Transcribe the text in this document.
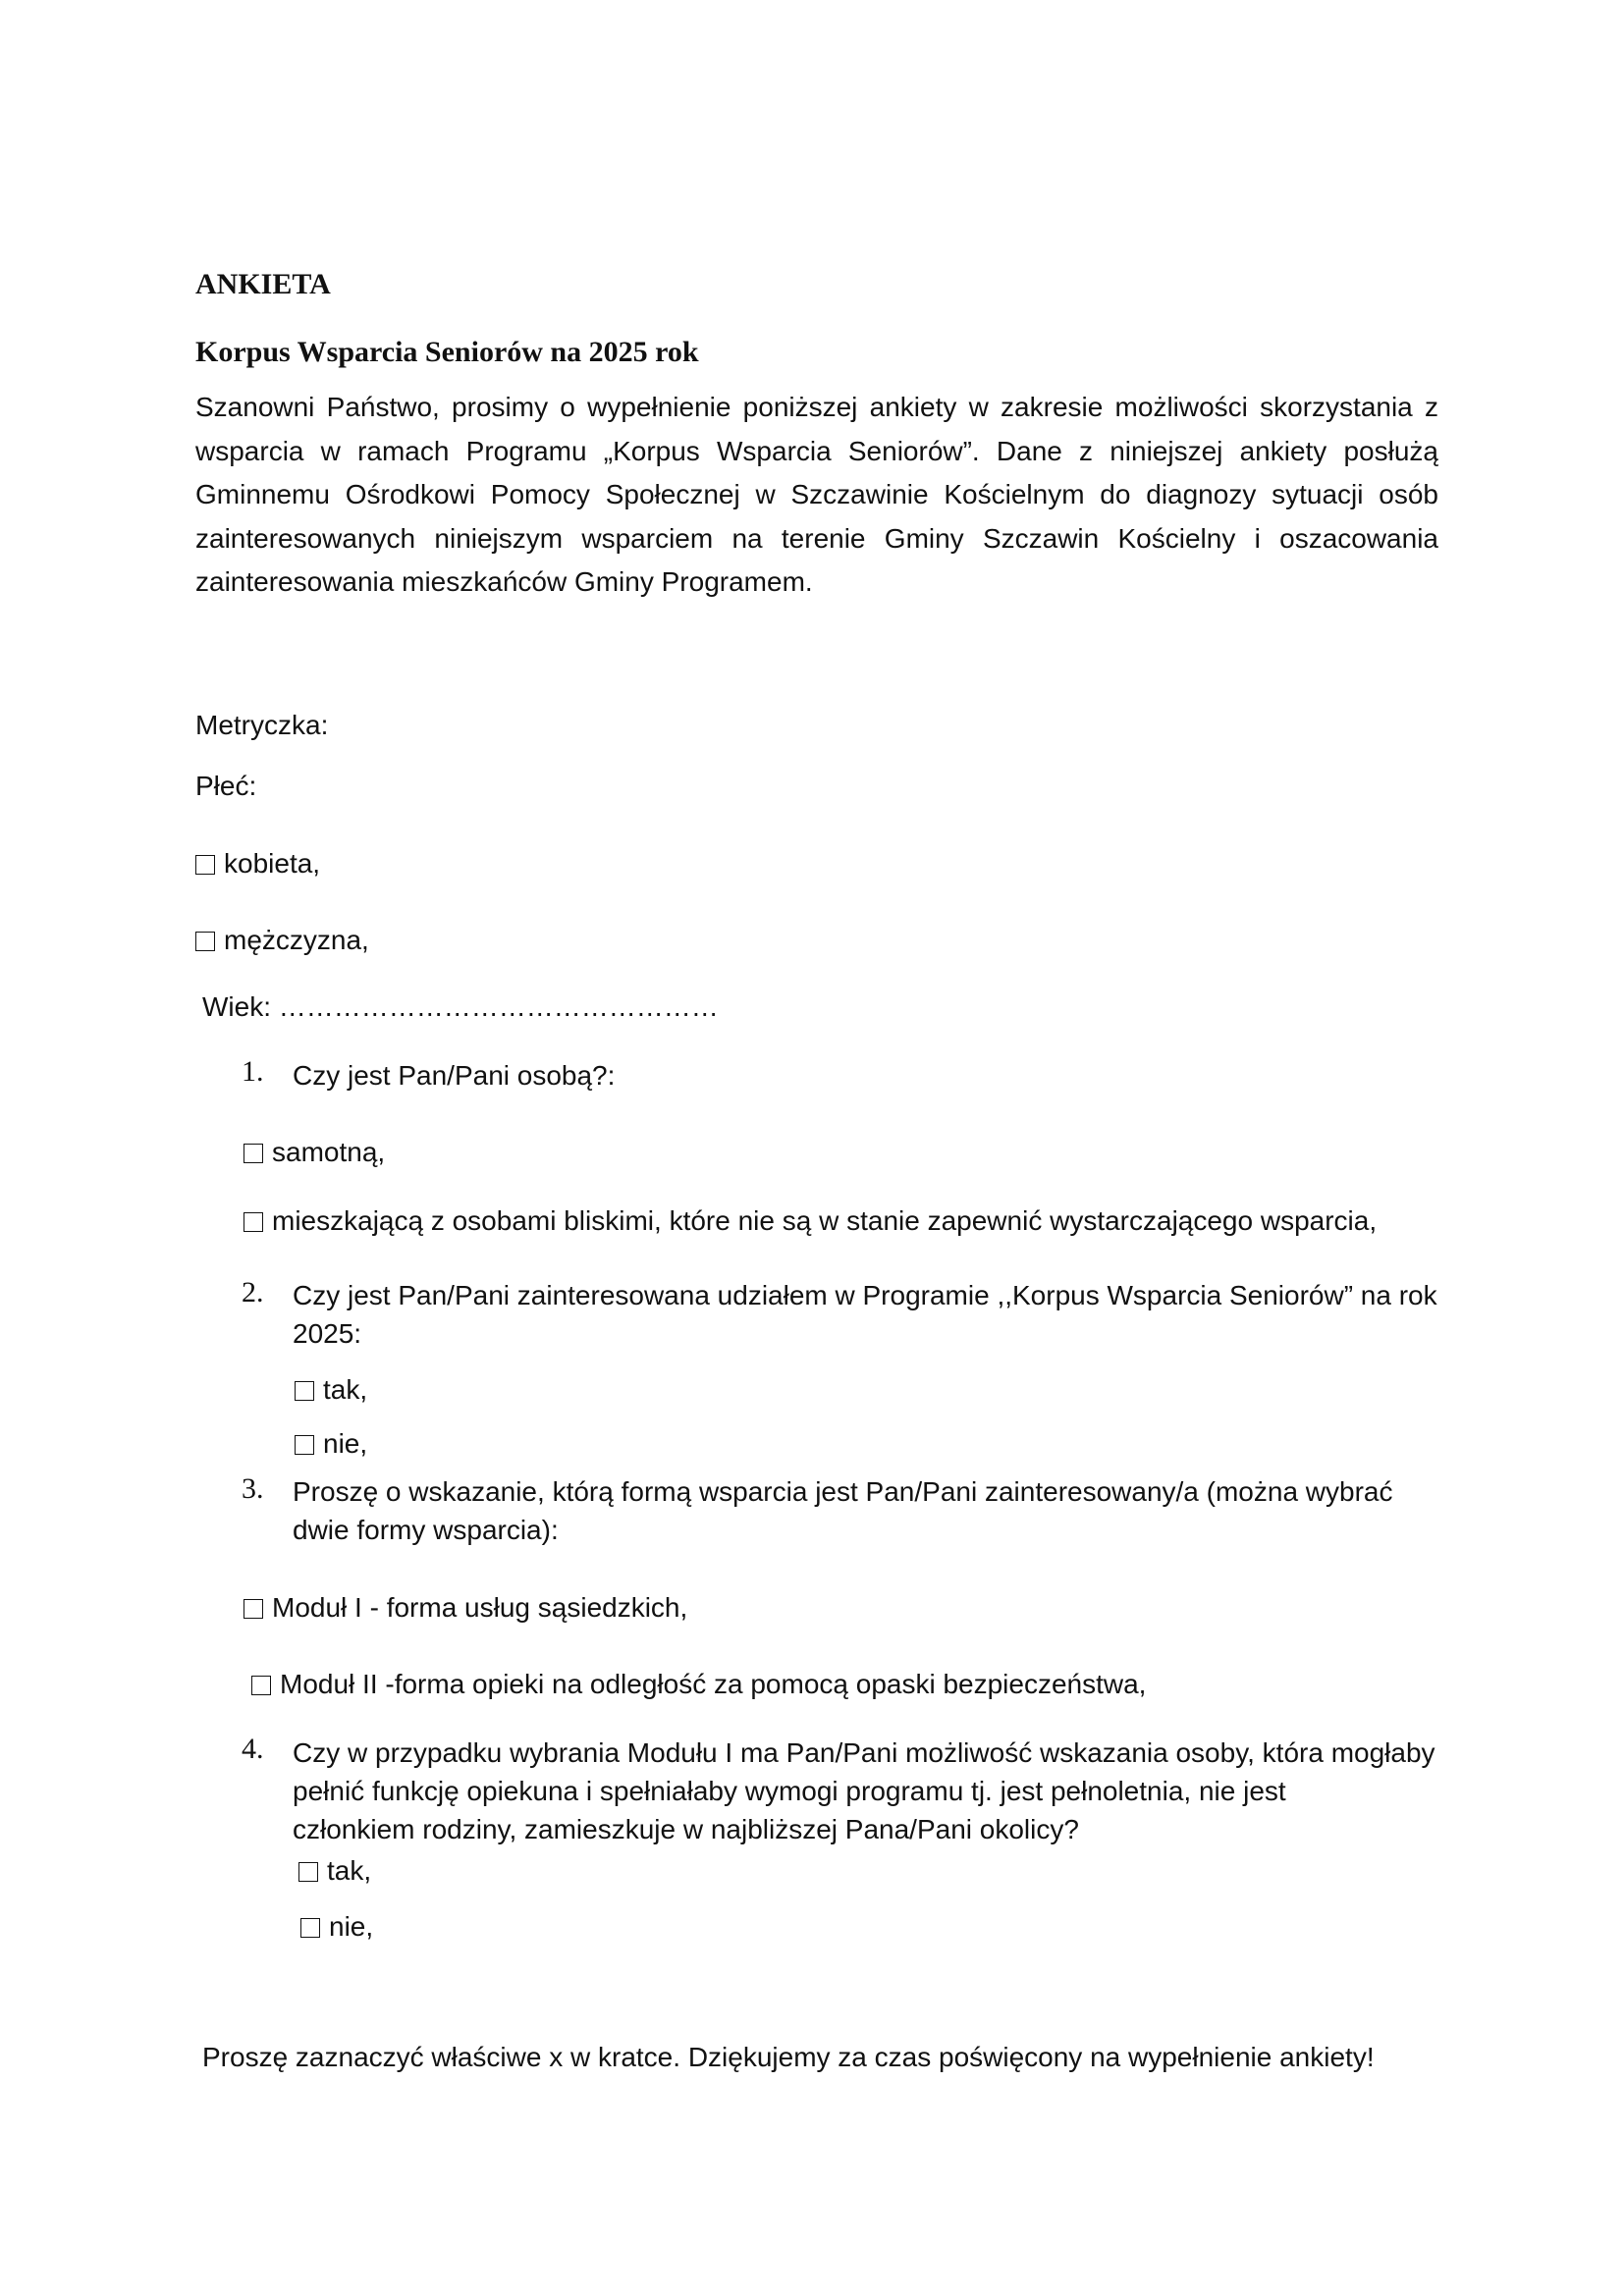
ANKIETA
Korpus Wsparcia Seniorów na 2025 rok
Szanowni Państwo, prosimy o wypełnienie poniższej ankiety w zakresie możliwości skorzystania z
wsparcia w ramach Programu „Korpus Wsparcia Seniorów”. Dane z niniejszej ankiety posłużą
Gminnemu Ośrodkowi Pomocy Społecznej w Szczawinie Kościelnym do diagnozy sytuacji osób
zainteresowanych niniejszym wsparciem na terenie Gminy Szczawin Kościelny i oszacowania
zainteresowania mieszkańców Gminy Programem.
Metryczka:
Płeć:
kobieta,
mężczyzna,
Wiek: …………………………………………
1. Czy jest Pan/Pani osobą?:
samotną,
mieszkającą z osobami bliskimi, które nie są w stanie zapewnić wystarczającego wsparcia,
2. Czy jest Pan/Pani zainteresowana udziałem w Programie ,,Korpus Wsparcia Seniorów” na rok
2025:
tak,
nie,
3. Proszę o wskazanie, którą formą wsparcia jest Pan/Pani zainteresowany/a (można wybrać
dwie formy wsparcia):
Moduł I - forma usług sąsiedzkich,
Moduł II -forma opieki na odległość za pomocą opaski bezpieczeństwa,
4. Czy w przypadku wybrania Modułu I ma Pan/Pani możliwość wskazania osoby, która mogłaby
pełnić funkcję opiekuna i spełniałaby wymogi programu tj. jest pełnoletnia, nie jest
członkiem rodziny, zamieszkuje w najbliższej Pana/Pani okolicy?
tak,
nie,
Proszę zaznaczyć właściwe x w kratce. Dziękujemy za czas poświęcony na wypełnienie ankiety!
